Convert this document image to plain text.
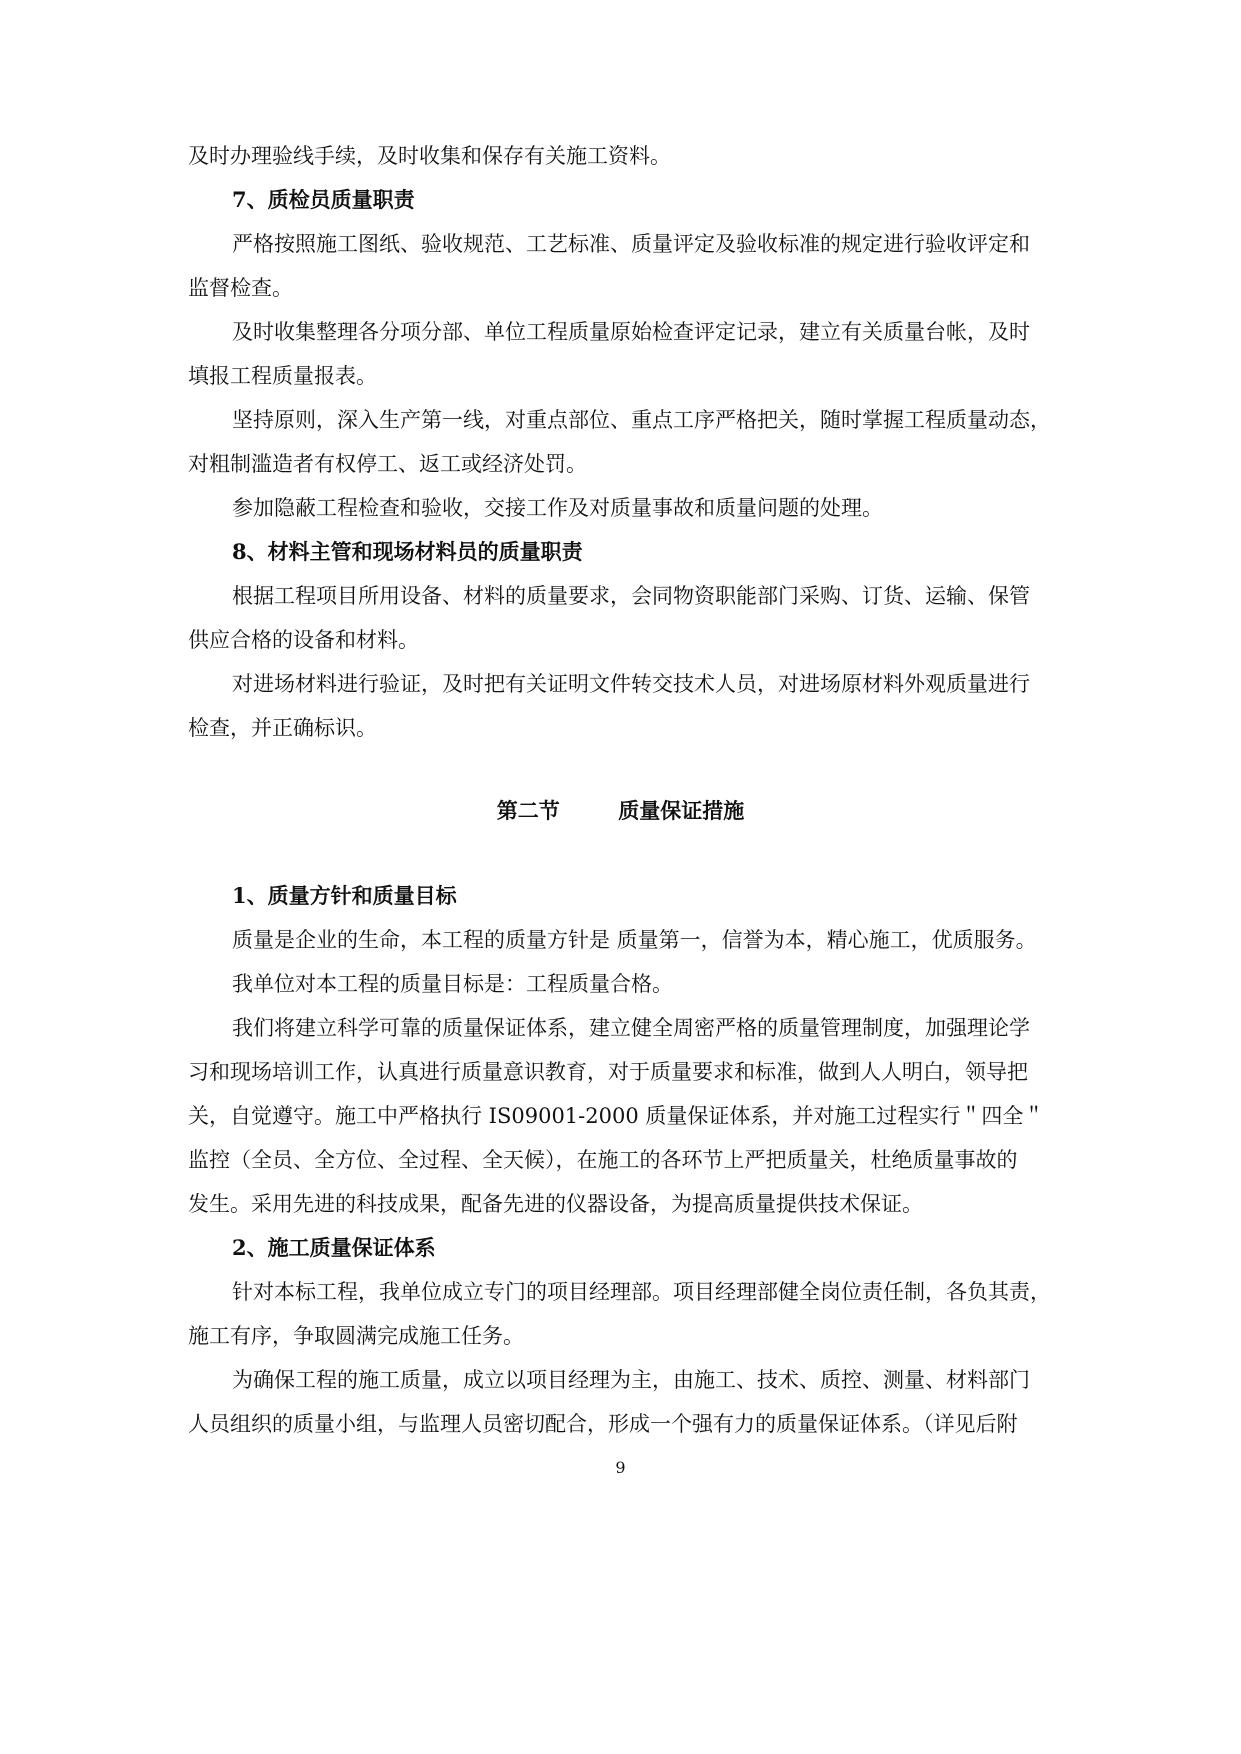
及时办理验线手续，及时收集和保存有关施工资料。
7、质检员质量职责
严格按照施工图纸、验收规范、工艺标准、质量评定及验收标准的规定进行验收评定和
监督检查。
及时收集整理各分项分部、单位工程质量原始检查评定记录，建立有关质量台帐，及时
填报工程质量报表。
坚持原则，深入生产第一线，对重点部位、重点工序严格把关，随时掌握工程质量动态，
对粗制滥造者有权停工、返工或经济处罚。
参加隐蔽工程检查和验收，交接工作及对质量事故和质量问题的处理。
8、材料主管和现场材料员的质量职责
根据工程项目所用设备、材料的质量要求，会同物资职能部门采购、订货、运输、保管
供应合格的设备和材料。
对进场材料进行验证，及时把有关证明文件转交技术人员，对进场原材料外观质量进行
检查，并正确标识。
第二节        质量保证措施
1、质量方针和质量目标
质量是企业的生命，本工程的质量方针是 质量第一，信誉为本，精心施工，优质服务。
我单位对本工程的质量目标是：工程质量合格。
我们将建立科学可靠的质量保证体系，建立健全周密严格的质量管理制度，加强理论学
习和现场培训工作，认真进行质量意识教育，对于质量要求和标准，做到人人明白，领导把
关，自觉遵守。施工中严格执行 IS09001-2000 质量保证体系，并对施工过程实行＂四全＂
监控（全员、全方位、全过程、全天候），在施工的各环节上严把质量关，杜绝质量事故的
发生。采用先进的科技成果，配备先进的仪器设备，为提高质量提供技术保证。
2、施工质量保证体系
针对本标工程，我单位成立专门的项目经理部。项目经理部健全岗位责任制，各负其责，
施工有序，争取圆满完成施工任务。
为确保工程的施工质量，成立以项目经理为主，由施工、技术、质控、测量、材料部门
人员组织的质量小组，与监理人员密切配合，形成一个强有力的质量保证体系。（详见后附
9
